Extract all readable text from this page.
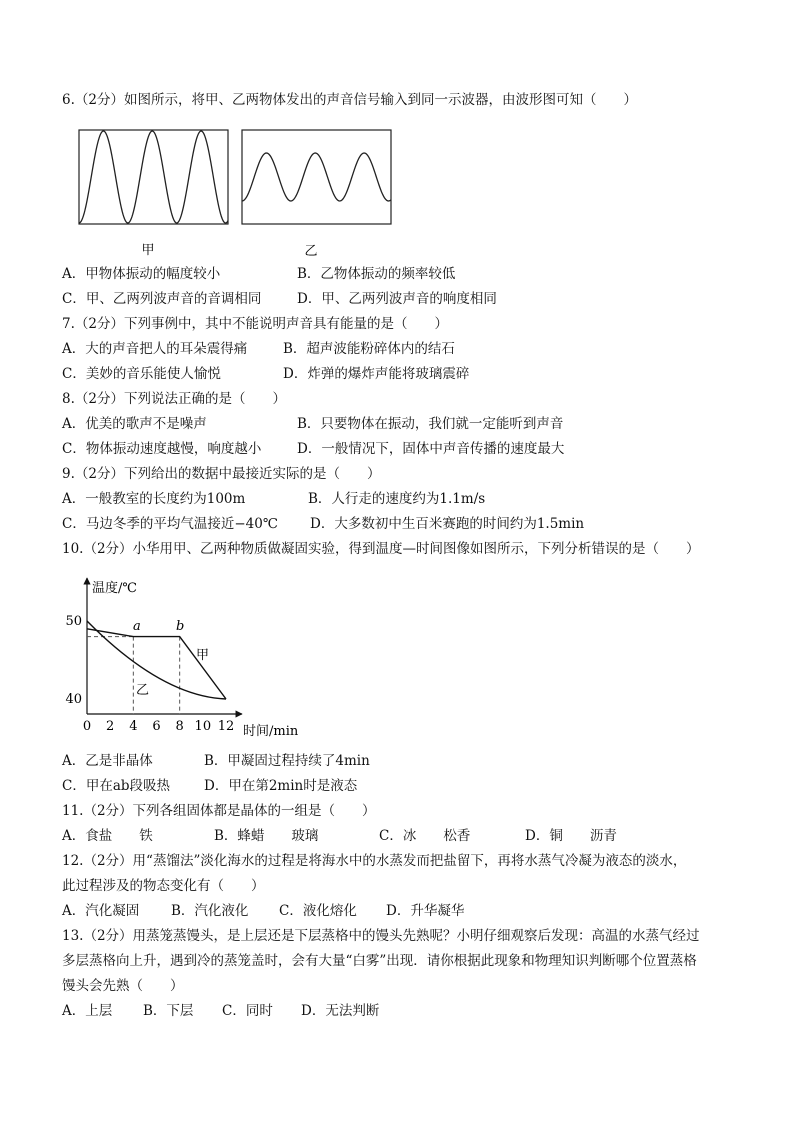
6.（2分）如图所示，将甲、乙两物体发出的声音信号输入到同一示波器，由波形图可知（　　）
甲	乙
A．甲物体振动的幅度较小	B．乙物体振动的频率较低
C．甲、乙两列波声音的音调相同	D．甲、乙两列波声音的响度相同
7.（2分）下列事例中，其中不能说明声音具有能量的是（　　）
A．大的声音把人的耳朵震得痛	B．超声波能粉碎体内的结石
C．美妙的音乐能使人愉悦	D．炸弹的爆炸声能将玻璃震碎
8.（2分）下列说法正确的是（　　）
A．优美的歌声不是噪声	B．只要物体在振动，我们就一定能听到声音
C．物体振动速度越慢，响度越小	D．一般情况下，固体中声音传播的速度最大
9.（2分）下列给出的数据中最接近实际的是（　　）
A．一般教室的长度约为100m	B．人行走的速度约为1.1m/s
C．马边冬季的平均气温接近−40℃ D．大多数初中生百米赛跑的时间约为1.5min
10.（2分）小华用甲、乙两种物质做凝固实验，得到温度—时间图像如图所示，下列分析错误的是（　　）
温度/℃
时间/min
0 2 4 6 8 10 12
40
50	a	b
甲
乙
A．乙是非晶体	B．甲凝固过程持续了4min
C．甲在ab段吸热	D．甲在第2min时是液态
11.（2分）下列各组固体都是晶体的一组是（　　）
A．食盐　　铁	B．蜂蜡　　玻璃	C．冰　　松香	D．铜　　沥青
12.（2分）用“蒸馏法”淡化海水的过程是将海水中的水蒸发而把盐留下，再将水蒸气冷凝为液态的淡水，
此过程涉及的物态变化有（　　）
A．汽化凝固 B．汽化液化 C．液化熔化 D．升华凝华
13.（2分）用蒸笼蒸馒头，是上层还是下层蒸格中的馒头先熟呢？小明仔细观察后发现：高温的水蒸气经过
多层蒸格向上升，遇到冷的蒸笼盖时，会有大量“白雾”出现．请你根据此现象和物理知识判断哪个位置蒸格
馒头会先熟（　　）
A．上层 B．下层 C．同时 D．无法判断
